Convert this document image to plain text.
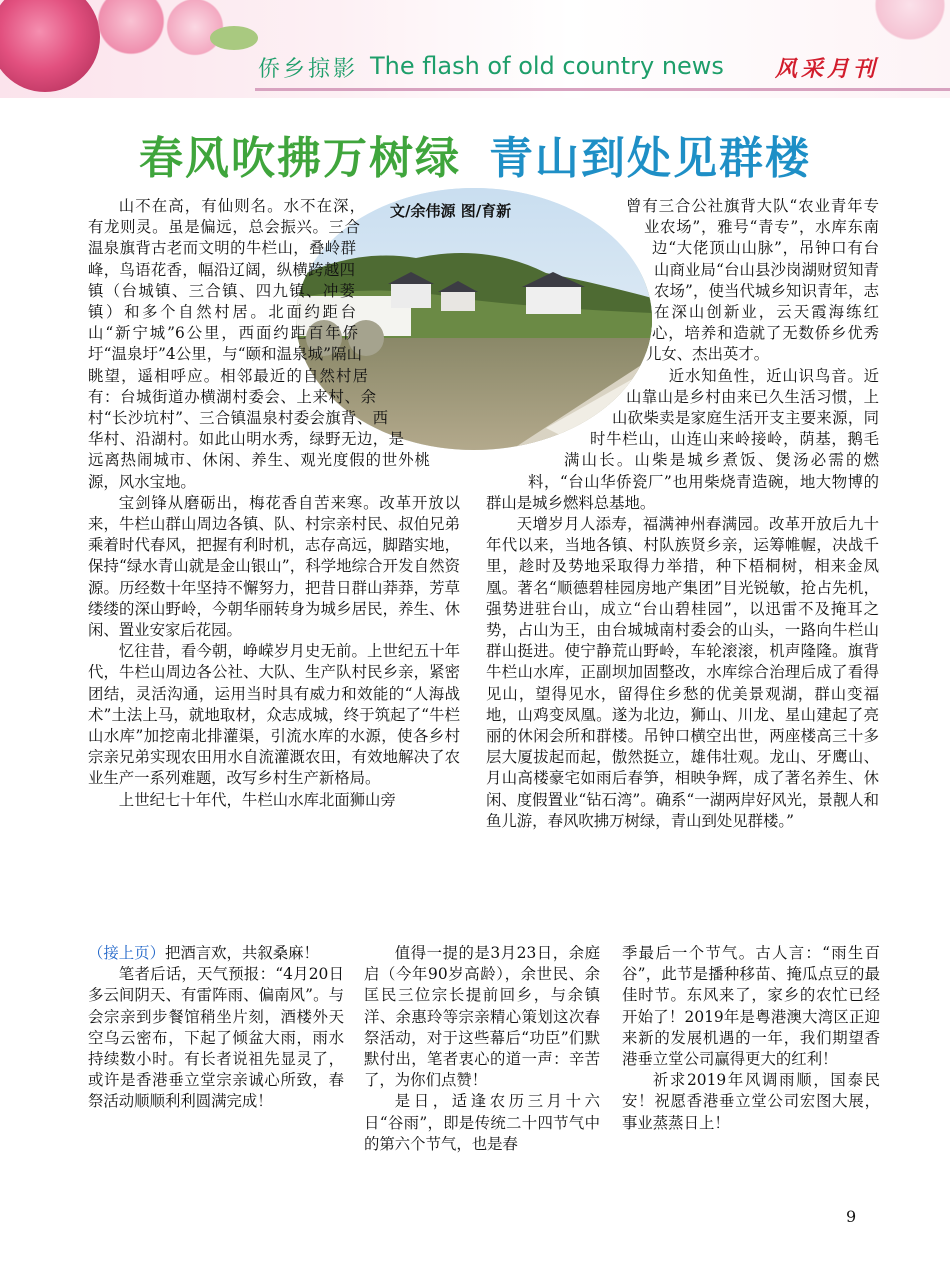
侨乡掠影 The flash of old country news 风采月刊
春风吹拂万树绿 青山到处见群楼
文/余伟源 图/育新

山不在高，有仙则名。水不在深，有龙则灵。虽是偏远，总会振兴。三合温泉旗背古老而文明的牛栏山，叠岭群峰，鸟语花香，幅沿辽阔，纵横跨越四镇（台城镇、三合镇、四九镇、冲蒌镇）和多个自然村居。北面约距台山“新宁城”6公里，西面约距百年侨圩“温泉圩”4公里，与“颐和温泉城”隔山眺望，遥相呼应。相邻最近的自然村居有：台城街道办横湖村委会、上来村、余村“长沙坑村”、三合镇温泉村委会旗背、西华村、沿湖村。如此山明水秀，绿野无边，是远离热闹城市、休闲、养生、观光度假的世外桃源，风水宝地。

宝剑锋从磨砺出，梅花香自苦来寒。改革开放以来，牛栏山群山周边各镇、队、村宗亲村民、叔伯兄弟乘着时代春风，把握有利时机，志存高远，脚踏实地，保持“绿水青山就是金山银山”，科学地综合开发自然资源。历经数十年坚持不懈努力，把昔日群山莽莽，芳草缕缕的深山野岭，今朝华丽转身为城乡居民，养生、休闲、置业安家后花园。

忆往昔，看今朝，峥嵘岁月史无前。上世纪五十年代，牛栏山周边各公社、大队、生产队村民乡亲，紧密团结，灵活沟通，运用当时具有威力和效能的“人海战术”土法上马，就地取材，众志成城，终于筑起了“牛栏山水库”加挖南北排灌渠，引流水库的水源，使各乡村宗亲兄弟实现农田用水自流灌溉农田，有效地解决了农业生产一系列难题，改写乡村生产新格局。

上世纪七十年代，牛栏山水库北面狮山旁

曾有三合公社旗背大队“农业青年专业农场”，雅号“青专”，水库东南边“大佬顶山山脉”，吊钟口有台山商业局“台山县沙岗湖财贸知青农场”，使当代城乡知识青年，志在深山创新业，云天霞海练红心，培养和造就了无数侨乡优秀儿女、杰出英才。

近水知鱼性，近山识鸟音。近山靠山是乡村由来已久生活习惯，上山砍柴卖是家庭生活开支主要来源，同时牛栏山，山连山来岭接岭，荫基，鹅毛满山长。山柴是城乡煮饭、煲汤必需的燃料，“台山华侨瓷厂”也用柴烧青造碗，地大物博的群山是城乡燃料总基地。

天增岁月人添寿，福满神州春满园。改革开放后九十年代以来，当地各镇、村队族贤乡亲，运筹帷幄，决战千里，趁时及势地采取得力举措，种下梧桐树，相来金凤凰。著名“顺德碧桂园房地产集团”目光锐敏，抢占先机，强势进驻台山，成立“台山碧桂园”，以迅雷不及掩耳之势，占山为王，由台城城南村委会的山头，一路向牛栏山群山挺进。使宁静荒山野岭，车轮滚滚，机声隆隆。旗背牛栏山水库，正副坝加固整改，水库综合治理后成了看得见山，望得见水，留得住乡愁的优美景观湖，群山变福地，山鸡变凤凰。遂为北边，狮山、川龙、星山建起了亮丽的休闲会所和群楼。吊钟口横空出世，两座楼高三十多层大厦拔起而起，傲然挺立，雄伟壮观。龙山、牙鹰山、月山高楼豪宅如雨后春笋，相映争辉，成了著名养生、休闲、度假置业“钻石湾”。确系“一湖两岸好风光，景靓人和鱼儿游，春风吹拂万树绿，青山到处见群楼。”

（接上页）把酒言欢，共叙桑麻！

笔者后话，天气预报：“4月20日多云间阴天、有雷阵雨、偏南风”。与会宗亲到步餐馆稍坐片刻，酒楼外天空乌云密布，下起了倾盆大雨，雨水持续数小时。有长者说祖先显灵了，或许是香港垂立堂宗亲诚心所致，春祭活动顺顺利利圆满完成！

值得一提的是3月23日，余庭启（今年90岁高龄），余世民、余匡民三位宗长提前回乡，与余镇洋、余惠玲等宗亲精心策划这次春祭活动，对于这些幕后“功臣”们默默付出，笔者衷心的道一声：辛苦了，为你们点赞！

是日，适逢农历三月十六日“谷雨”，即是传统二十四节气中的第六个节气，也是春

季最后一个节气。古人言：“雨生百谷”，此节是播种移苗、掩瓜点豆的最佳时节。东风来了，家乡的农忙已经开始了！2019年是粤港澳大湾区正迎来新的发展机遇的一年，我们期望香港垂立堂公司赢得更大的红利！

祈求2019年风调雨顺，国泰民安！祝愿香港垂立堂公司宏图大展，事业蒸蒸日上！

9
